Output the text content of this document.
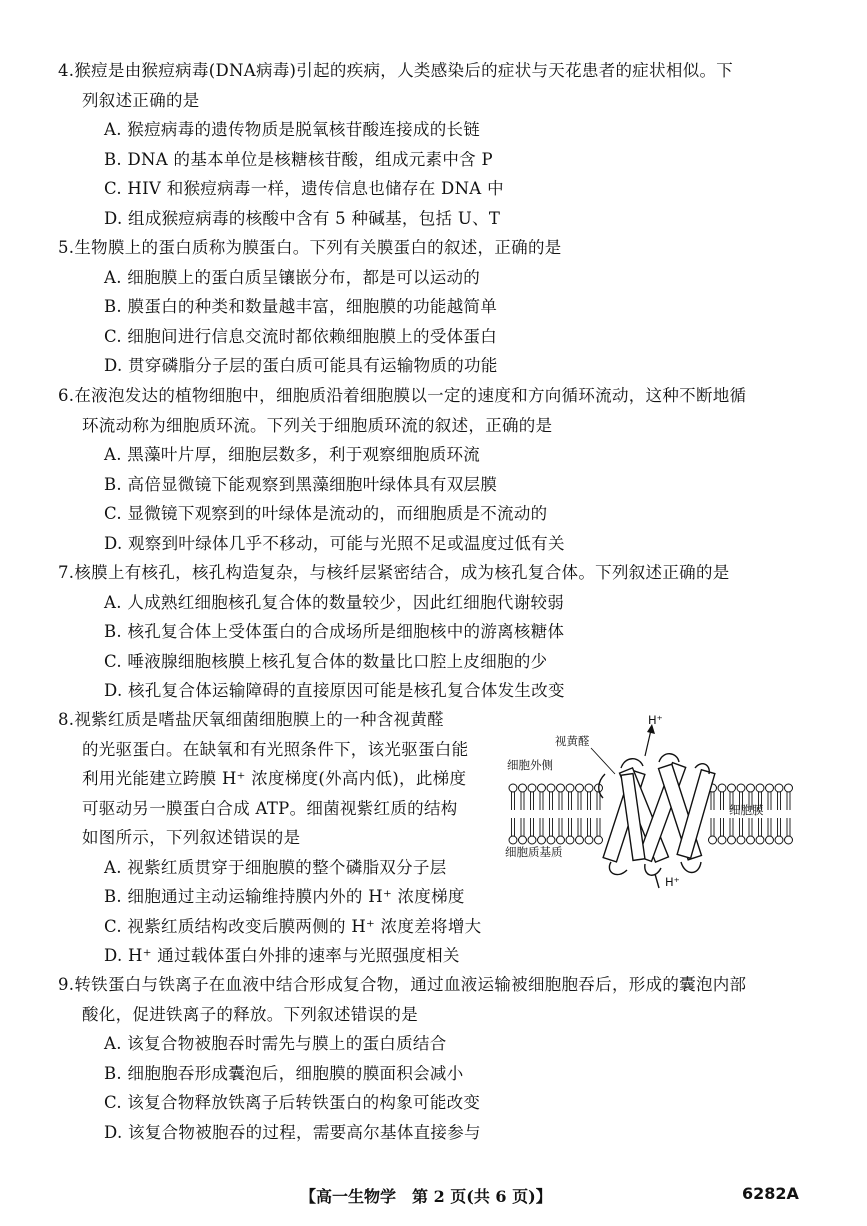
4.猴痘是由猴痘病毒(DNA病毒)引起的疾病，人类感染后的症状与天花患者的症状相似。下
列叙述正确的是
A. 猴痘病毒的遗传物质是脱氧核苷酸连接成的长链
B. DNA 的基本单位是核糖核苷酸，组成元素中含 P
C. HIV 和猴痘病毒一样，遗传信息也储存在 DNA 中
D. 组成猴痘病毒的核酸中含有 5 种碱基，包括 U、T
5.生物膜上的蛋白质称为膜蛋白。下列有关膜蛋白的叙述，正确的是
A. 细胞膜上的蛋白质呈镶嵌分布，都是可以运动的
B. 膜蛋白的种类和数量越丰富，细胞膜的功能越简单
C. 细胞间进行信息交流时都依赖细胞膜上的受体蛋白
D. 贯穿磷脂分子层的蛋白质可能具有运输物质的功能
6.在液泡发达的植物细胞中，细胞质沿着细胞膜以一定的速度和方向循环流动，这种不断地循
环流动称为细胞质环流。下列关于细胞质环流的叙述，正确的是
A. 黑藻叶片厚，细胞层数多，利于观察细胞质环流
B. 高倍显微镜下能观察到黑藻细胞叶绿体具有双层膜
C. 显微镜下观察到的叶绿体是流动的，而细胞质是不流动的
D. 观察到叶绿体几乎不移动，可能与光照不足或温度过低有关
7.核膜上有核孔，核孔构造复杂，与核纤层紧密结合，成为核孔复合体。下列叙述正确的是
A. 人成熟红细胞核孔复合体的数量较少，因此红细胞代谢较弱
B. 核孔复合体上受体蛋白的合成场所是细胞核中的游离核糖体
C. 唾液腺细胞核膜上核孔复合体的数量比口腔上皮细胞的少
D. 核孔复合体运输障碍的直接原因可能是核孔复合体发生改变
8.视紫红质是嗜盐厌氧细菌细胞膜上的一种含视黄醛
的光驱蛋白。在缺氧和有光照条件下，该光驱蛋白能
利用光能建立跨膜 H⁺ 浓度梯度(外高内低)，此梯度
可驱动另一膜蛋白合成 ATP。细菌视紫红质的结构
如图所示，下列叙述错误的是
A. 视紫红质贯穿于细胞膜的整个磷脂双分子层
B. 细胞通过主动运输维持膜内外的 H⁺ 浓度梯度
C. 视紫红质结构改变后膜两侧的 H⁺ 浓度差将增大
D. H⁺ 通过载体蛋白外排的速率与光照强度相关
H⁺
视黄醛
细胞外侧
细胞膜
细胞质基质
H⁺
9.转铁蛋白与铁离子在血液中结合形成复合物，通过血液运输被细胞胞吞后，形成的囊泡内部
酸化，促进铁离子的释放。下列叙述错误的是
A. 该复合物被胞吞时需先与膜上的蛋白质结合
B. 细胞胞吞形成囊泡后，细胞膜的膜面积会减小
C. 该复合物释放铁离子后转铁蛋白的构象可能改变
D. 该复合物被胞吞的过程，需要高尔基体直接参与
【高一生物学　第 2 页(共 6 页)】	6282A
